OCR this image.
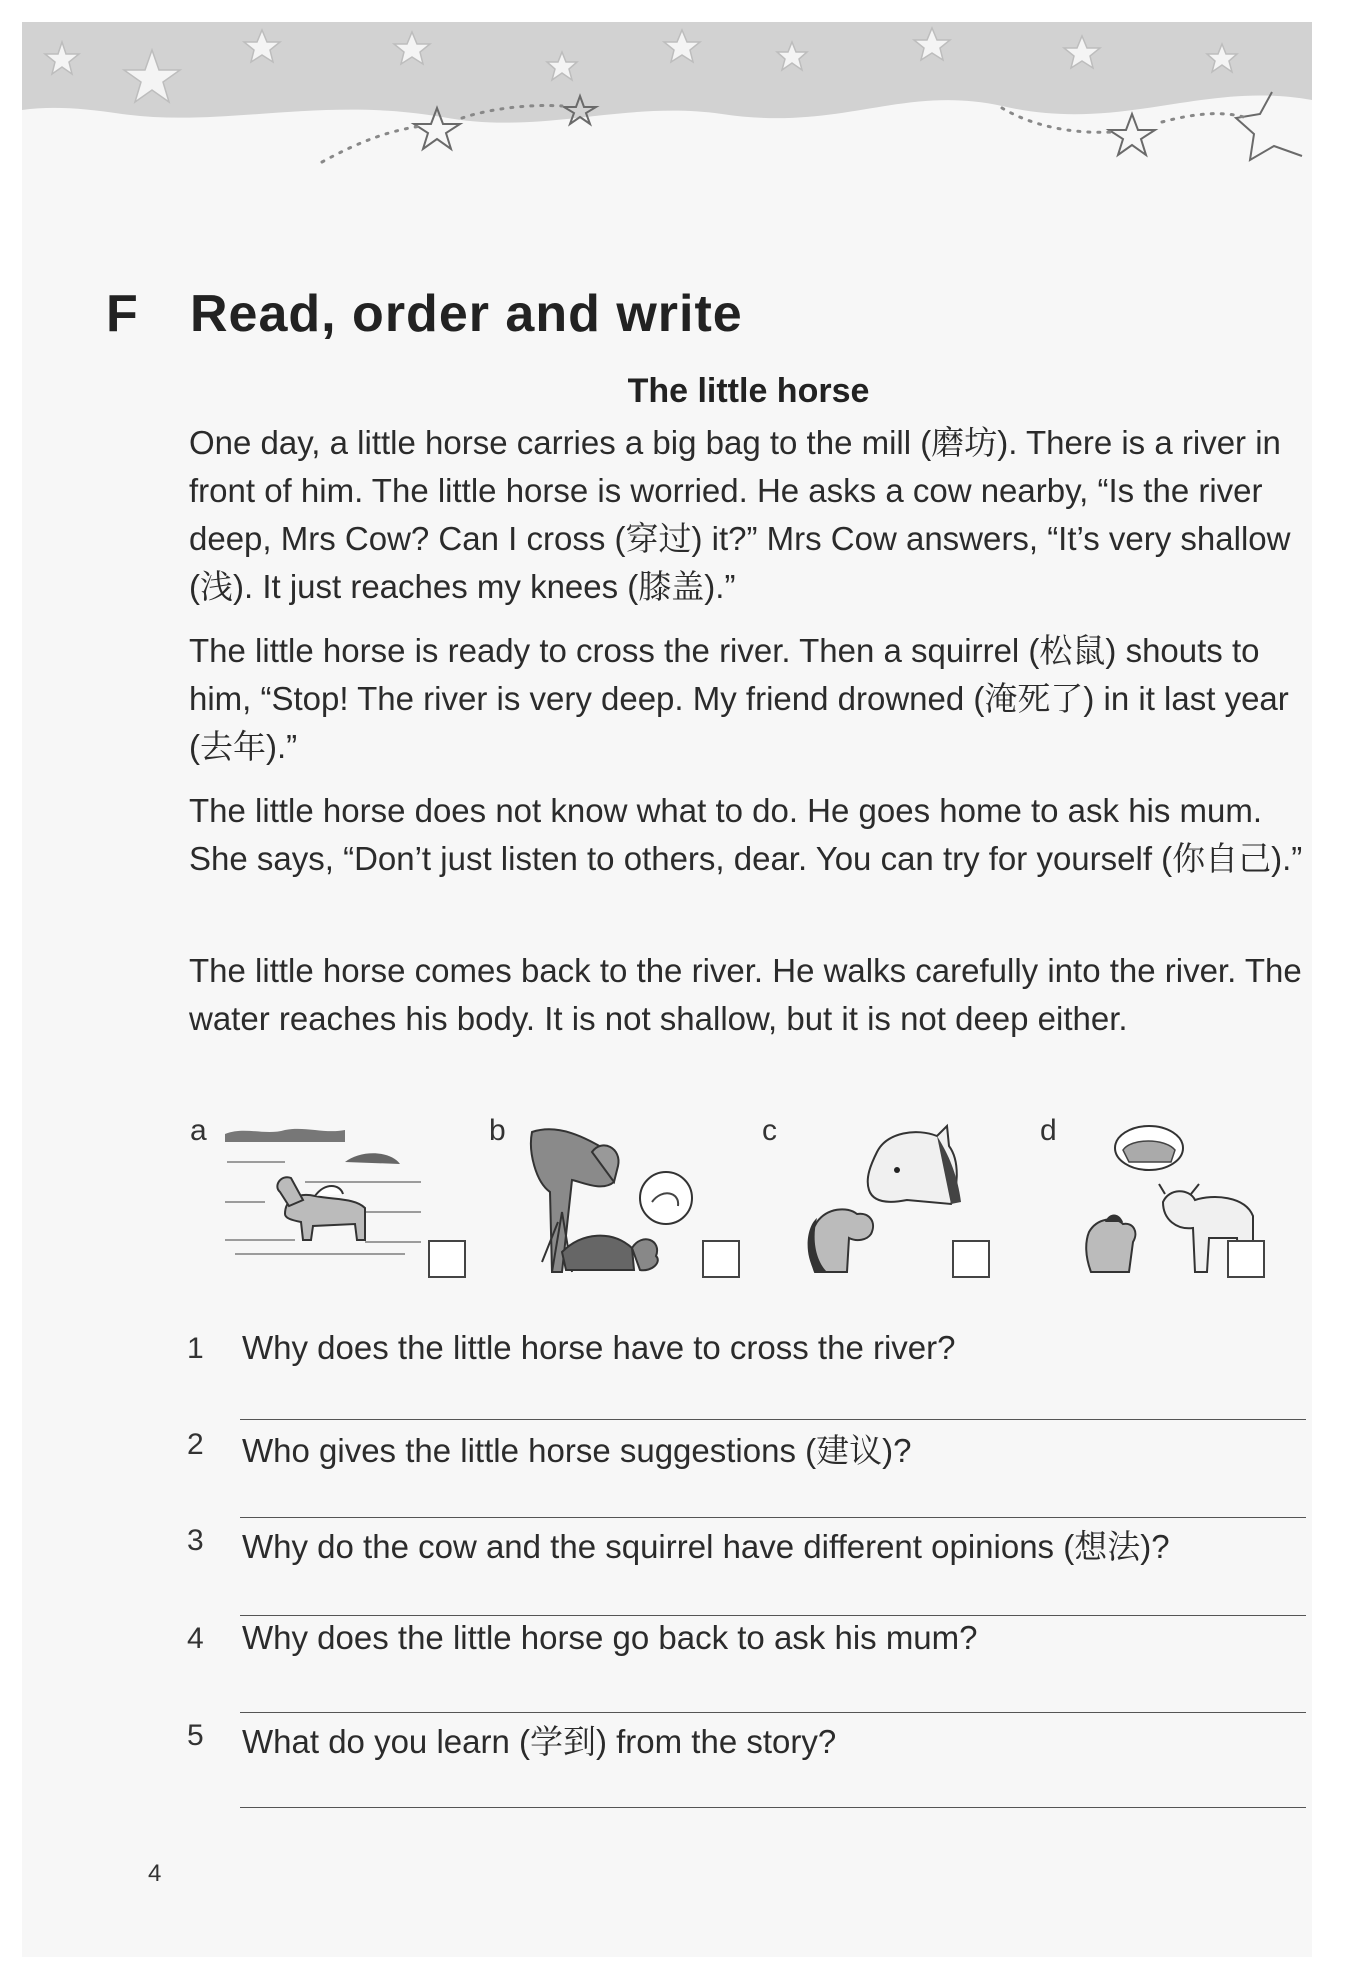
F Read, order and write
The little horse

One day, a little horse carries a big bag to the mill (磨坊). There is a river in front of him. The little horse is worried. He asks a cow nearby, “Is the river deep, Mrs Cow? Can I cross (穿过) it?” Mrs Cow answers, “It’s very shallow (浅). It just reaches my knees (膝盖).”

The little horse is ready to cross the river. Then a squirrel (松鼠) shouts to him, “Stop! The river is very deep. My friend drowned (淹死了) in it last year (去年).”

The little horse does not know what to do. He goes home to ask his mum. She says, “Don’t just listen to others, dear. You can try for yourself (你自己).”

The little horse comes back to the river. He walks carefully into the river. The water reaches his body. It is not shallow, but it is not deep either.

a	b	c	d
1 Why does the little horse have to cross the river?
2 Who gives the little horse suggestions (建议)?
3 Why do the cow and the squirrel have different opinions (想法)?
4 Why does the little horse go back to ask his mum?
5 What do you learn (学到) from the story?
4
